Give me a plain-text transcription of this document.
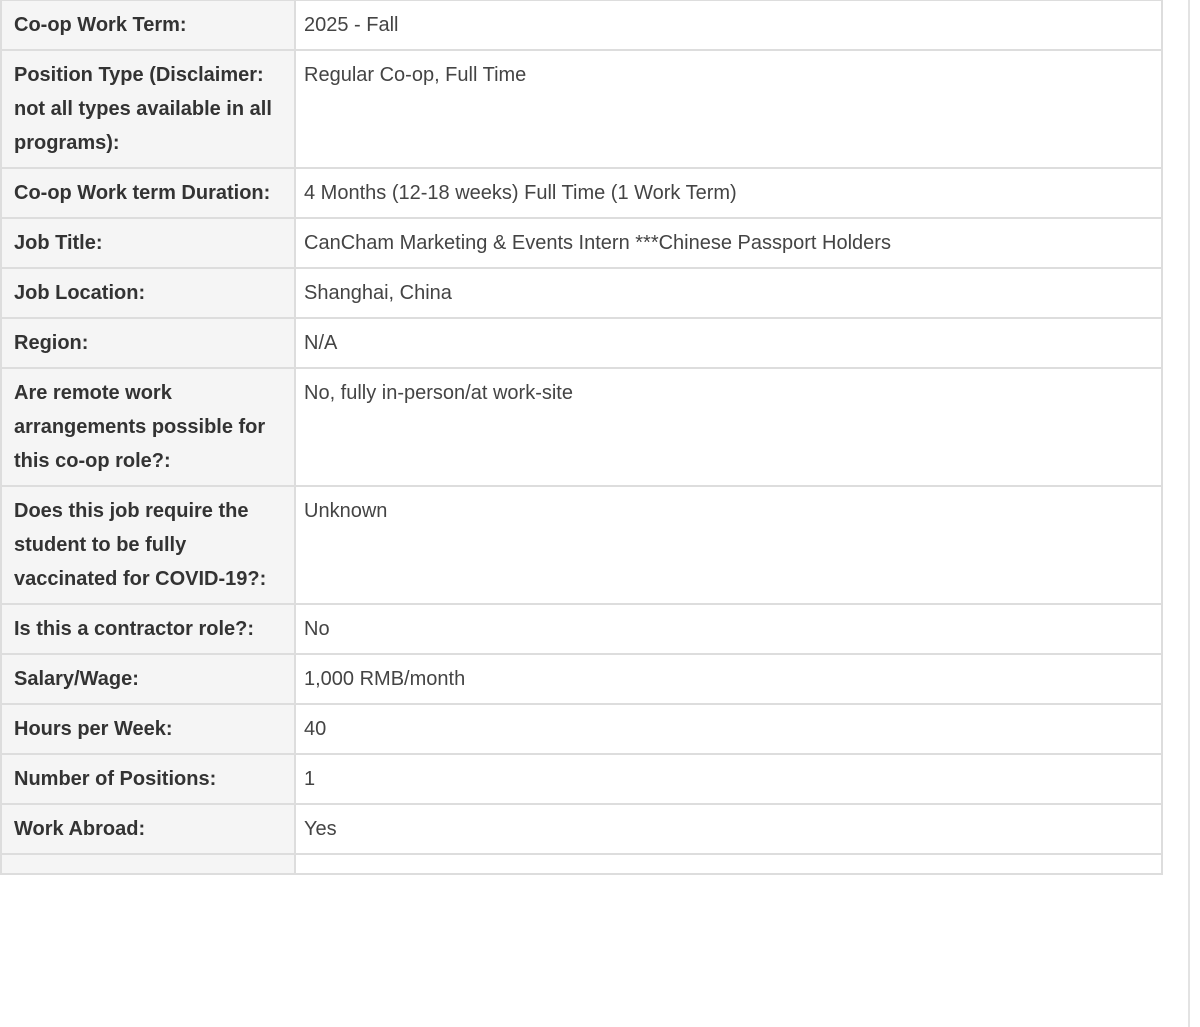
Co-op Work Term:	2025 - Fall
Position Type (Disclaimer: not all types available in all programs):	Regular Co-op, Full Time
Co-op Work term Duration:	4 Months (12-18 weeks) Full Time (1 Work Term)
Job Title:	CanCham Marketing & Events Intern ***Chinese Passport Holders
Job Location:	Shanghai, China
Region:	N/A
Are remote work arrangements possible for this co-op role?:	No, fully in-person/at work-site
Does this job require the student to be fully vaccinated for COVID-19?:	Unknown
Is this a contractor role?:	No
Salary/Wage:	1,000 RMB/month
Hours per Week:	40
Number of Positions:	1
Work Abroad:	Yes
